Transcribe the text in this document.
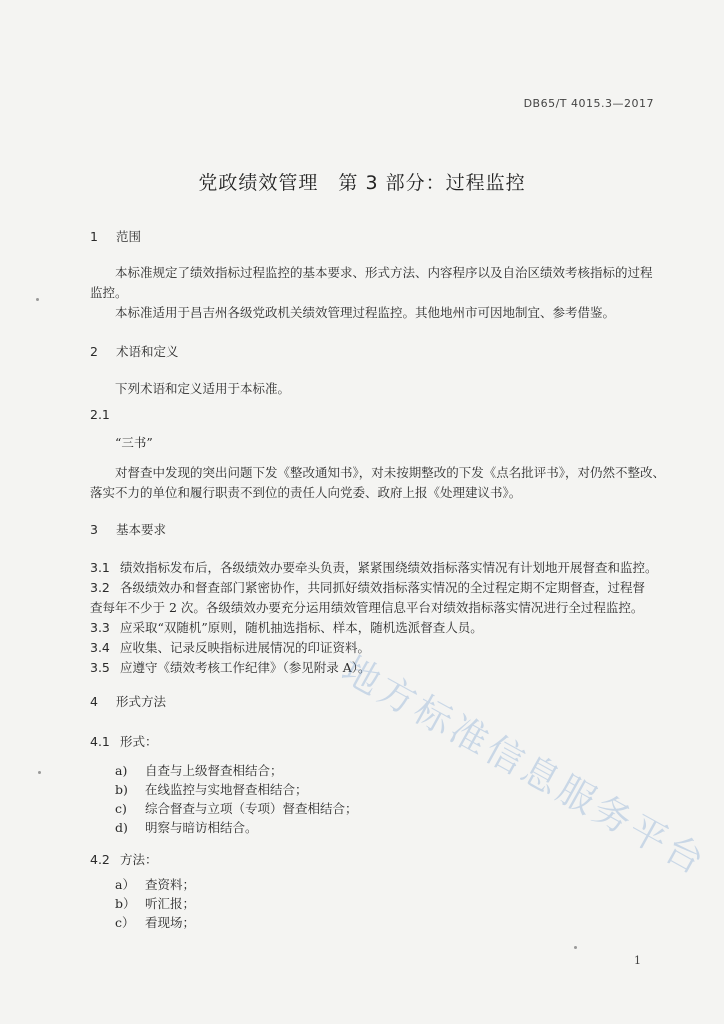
DB65/T 4015.3—2017
党政绩效管理　第 3 部分：过程监控
1 范围
本标准规定了绩效指标过程监控的基本要求、形式方法、内容程序以及自治区绩效考核指标的过程
监控。
本标准适用于昌吉州各级党政机关绩效管理过程监控。其他地州市可因地制宜、参考借鉴。
2 术语和定义
下列术语和定义适用于本标准。
2.1
“三书”
对督查中发现的突出问题下发《整改通知书》，对未按期整改的下发《点名批评书》，对仍然不整改、
落实不力的单位和履行职责不到位的责任人向党委、政府上报《处理建议书》。
3 基本要求
3.1 绩效指标发布后，各级绩效办要牵头负责，紧紧围绕绩效指标落实情况有计划地开展督查和监控。
3.2 各级绩效办和督查部门紧密协作，共同抓好绩效指标落实情况的全过程定期不定期督查，过程督
查每年不少于 2 次。各级绩效办要充分运用绩效管理信息平台对绩效指标落实情况进行全过程监控。
3.3 应采取“双随机”原则，随机抽选指标、样本，随机选派督查人员。
3.4 应收集、记录反映指标进展情况的印证资料。
3.5 应遵守《绩效考核工作纪律》（参见附录 A）。
4 形式方法
4.1 形式：
a) 自查与上级督查相结合；
b) 在线监控与实地督查相结合；
c) 综合督查与立项（专项）督查相结合；
d) 明察与暗访相结合。
4.2 方法：
a） 查资料；
b） 听汇报；
c） 看现场；
地方标准信息服务平台
1
